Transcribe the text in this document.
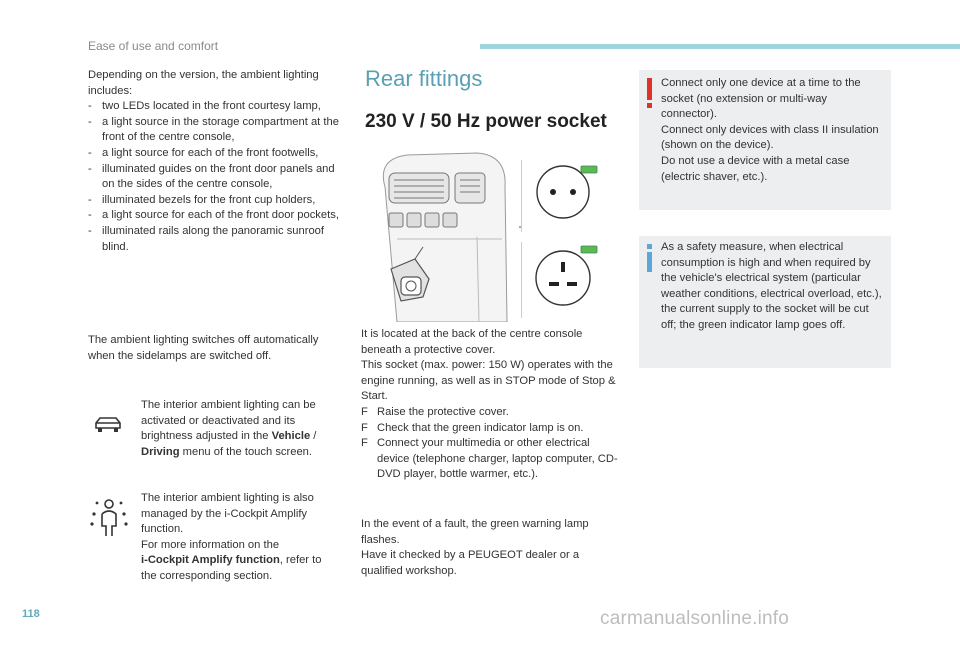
Ease of use and comfort
Depending on the version, the ambient lighting includes:
- two LEDs located in the front courtesy lamp,
- a light source in the storage compartment at the front of the centre console,
- a light source for each of the front footwells,
- illuminated guides on the front door panels and on the sides of the centre console,
- illuminated bezels for the front cup holders,
- a light source for each of the front door pockets,
- illuminated rails along the panoramic sunroof blind.
The ambient lighting switches off automatically when the sidelamps are switched off.
The interior ambient lighting can be activated or deactivated and its brightness adjusted in the Vehicle / Driving menu of the touch screen.
The interior ambient lighting is also managed by the i-Cockpit Amplify function.
For more information on the
i-Cockpit Amplify function, refer to the corresponding section.
Rear fittings
230 V / 50 Hz power socket
It is located at the back of the centre console beneath a protective cover.
This socket (max. power: 150 W) operates with the engine running, as well as in STOP mode of Stop & Start.
F Raise the protective cover.
F Check that the green indicator lamp is on.
F Connect your multimedia or other electrical device (telephone charger, laptop computer, CD-DVD player, bottle warmer, etc.).
In the event of a fault, the green warning lamp flashes.
Have it checked by a PEUGEOT dealer or a qualified workshop.
Connect only one device at a time to the socket (no extension or multi-way connector).
Connect only devices with class II insulation (shown on the device).
Do not use a device with a metal case (electric shaver, etc.).
As a safety measure, when electrical consumption is high and when required by the vehicle's electrical system (particular weather conditions, electrical overload, etc.), the current supply to the socket will be cut off; the green indicator lamp goes off.
118	carmanualsonline.info
